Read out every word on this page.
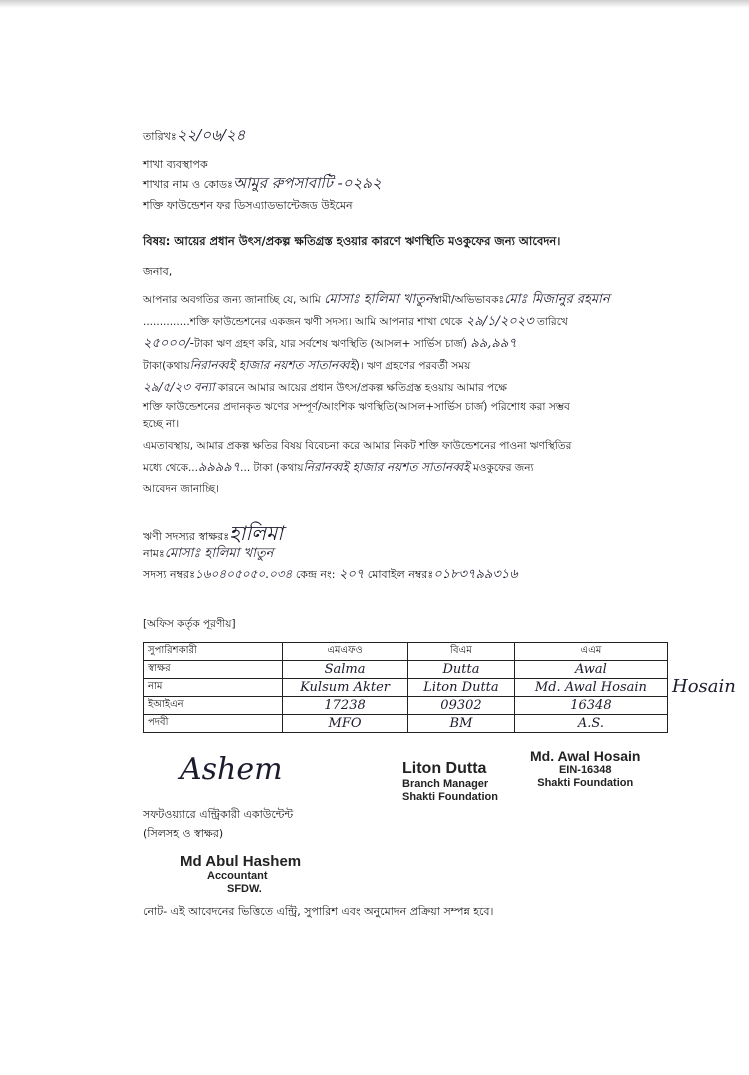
তারিখঃ২২/০৬/২৪
শাখা ব্যবস্থাপক
শাখার নাম ও কোডঃআমুর রুপসাবাটি -০২৯২
শক্তি ফাউন্ডেশন ফর ডিসএ্যাডভান্টেজড উইমেন
বিষয়: আয়ের প্রধান উৎস/প্রকল্প ক্ষতিগ্রস্ত হওয়ার কারণে ঋণস্থিতি মওকুফের জন্য আবেদন।
জনাব,
আপনার অবগতির জন্য জানাচ্ছি যে, আমি মোসাঃ হালিমা খাতুনস্বামী/অভিভাবকঃমোঃ মিজানুর রহমান
..............শক্তি ফাউন্ডেশনের একজন ঋণী সদস্য। আমি আপনার শাখা থেকে ২৯/১/২০২৩ তারিখে
২৫০০০/-টাকা ঋণ গ্রহণ করি, যার সর্বশেষ ঋণস্থিতি (আসল+ সার্ভিস চার্জ) ৯৯,৯৯৭
টাকা(কথায়নিরানব্বই হাজার নয়শত সাতানব্বই)। ঋণ গ্রহণের পরবর্তী সময়
২৯/৫/২৩ বন্যা কারনে আমার আয়ের প্রধান উৎস/প্রকল্প ক্ষতিগ্রস্ত হওয়ায় আমার পক্ষে
শক্তি ফাউন্ডেশনের প্রদানকৃত ঋণের সম্পূর্ণ/আংশিক ঋণস্থিতি(আসল+সার্ভিস চার্জ) পরিশোধ করা সম্ভব
হচ্ছে না।
এমতাবস্থায়, আমার প্রকল্প ক্ষতির বিষয় বিবেচনা করে আমার নিকট শক্তি ফাউন্ডেশনের পাওনা ঋণস্থিতির
মধ্যে থেকে...৯৯৯৯৭... টাকা (কথায়নিরানব্বই হাজার নয়শত সাতানব্বই মওকুফের জন্য
আবেদন জানাচ্ছি।
ঋণী সদস্যর স্বাক্ষরঃহালিমা
নামঃমোসাঃ হালিমা খাতুন
সদস্য নম্বরঃ১৬০৪০৫০৫০.০৩৪ কেন্দ্র নং: ২০৭ মোবাইল নম্বরঃ০১৮৩৭৯৯৩১৬
[অফিস কর্তৃক পূরণীয়]
সুপারিশকারী	এমএফও	বিএম	এএম
স্বাক্ষর	Salma	Dutta	Awal
নাম	Kulsum Akter	Liton Dutta	Md. Awal Hosain
ইআইএন	17238	09302	16348
পদবী	MFO	BM	A.S.
Hosain
Ashem	Liton Dutta
Branch Manager
Shakti Foundation
Md. Awal Hosain
EIN-16348
Shakti Foundation
সফটওয়্যারে এন্ট্রিকারী একাউন্টেন্ট
(সিলসহ ও স্বাক্ষর)
Md Abul Hashem
Accountant
SFDW.
নোট- এই আবেদনের ভিত্তিতে এন্ট্রি, সুপারিশ এবং অনুমোদন প্রক্রিয়া সম্পন্ন হবে।
